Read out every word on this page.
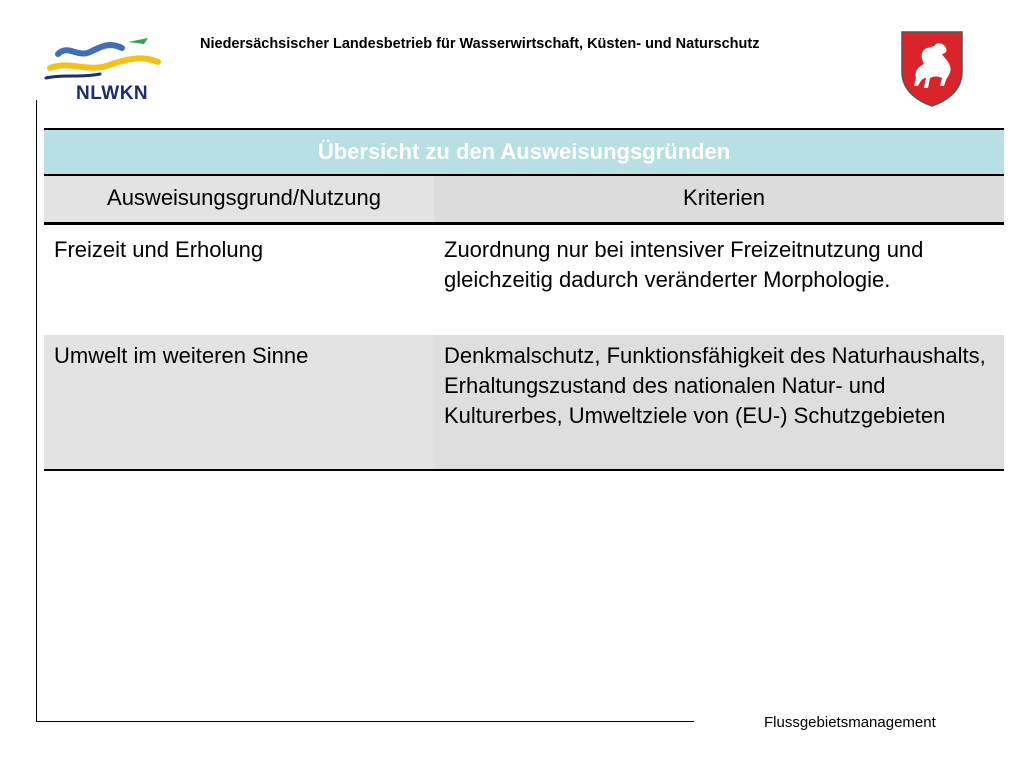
NLWKN
Niedersächsischer Landesbetrieb für Wasserwirtschaft, Küsten- und Naturschutz
Übersicht zu den Ausweisungsgründen	
Ausweisungsgrund/Nutzung	Kriterien
Freizeit und Erholung	Zuordnung nur bei intensiver Freizeitnutzung und gleichzeitig dadurch veränderter Morphologie.
Umwelt im weiteren Sinne	Denkmalschutz, Funktionsfähigkeit des Naturhaushalts, Erhaltungszustand des nationalen Natur- und Kulturerbes, Umweltziele von (EU-) Schutzgebieten
Flussgebietsmanagement
